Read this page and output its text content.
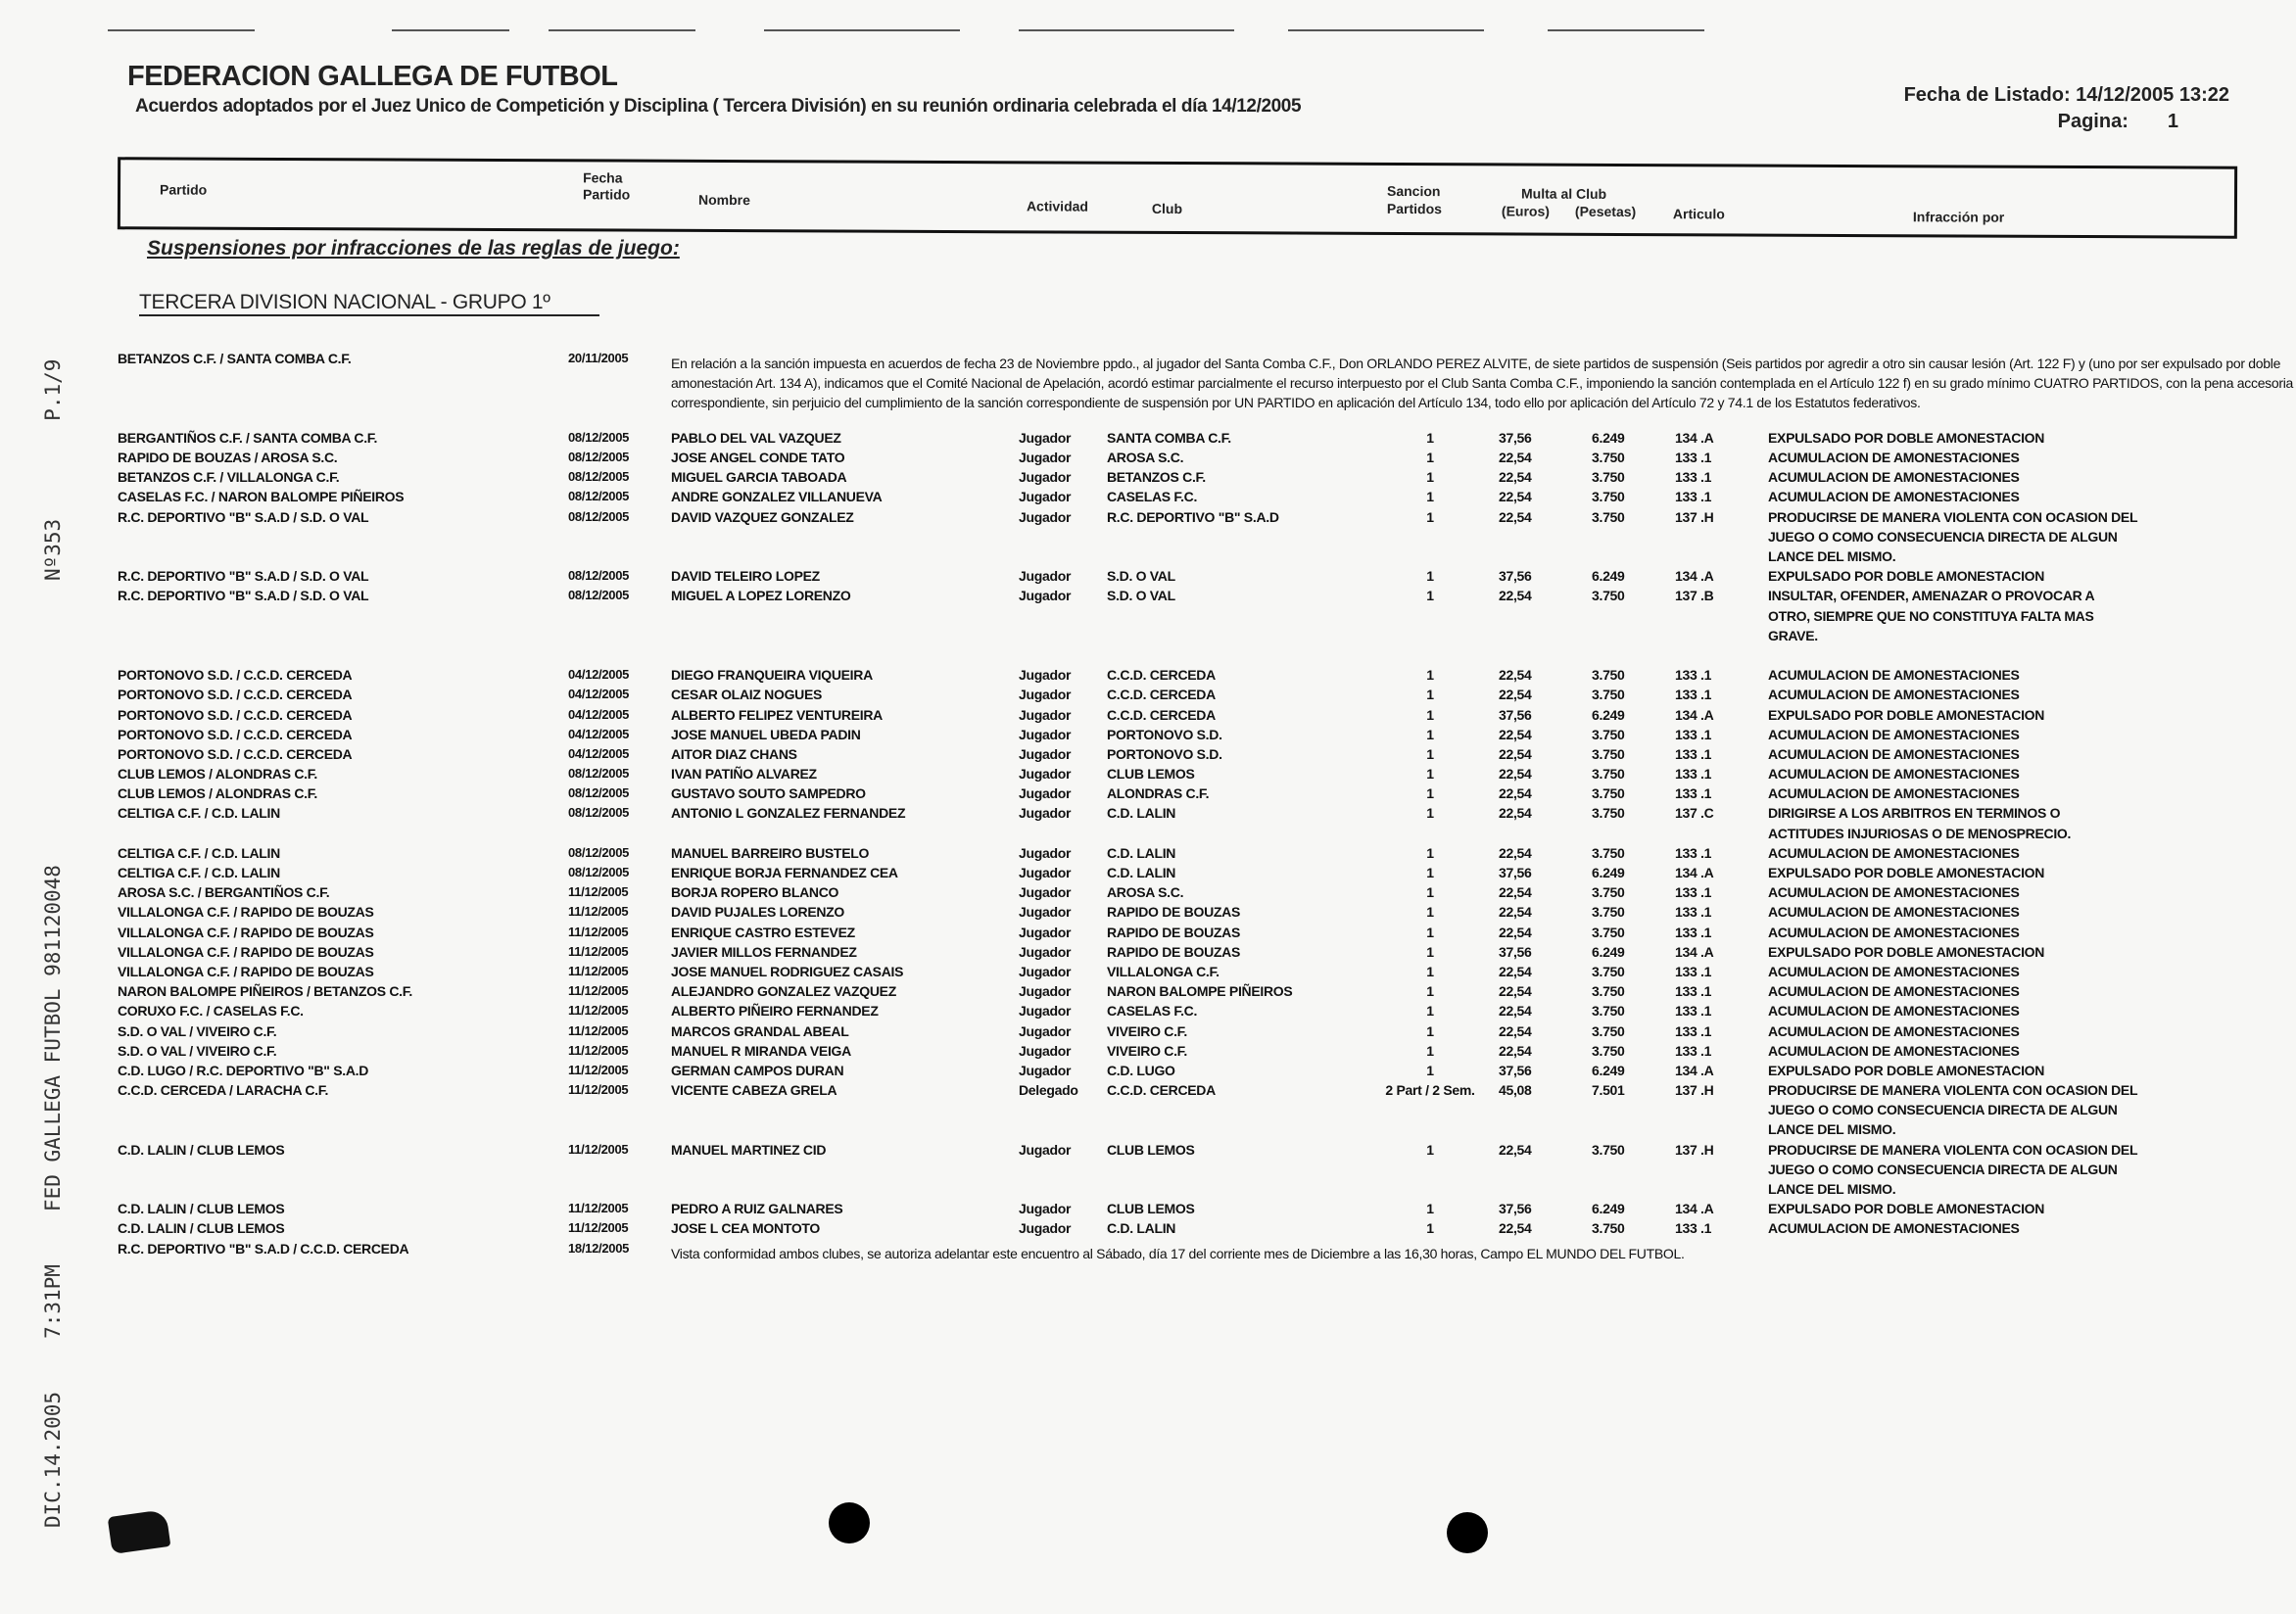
DIC.14.20057:31PMFED GALLEGA FUTBOL 981120048Nº353P.1/9
FEDERACION GALLEGA DE FUTBOL
Acuerdos adoptados por el Juez Unico de Competición y Disciplina ( Tercera División) en su reunión ordinaria celebrada el día 14/12/2005
Fecha de Listado: 14/12/2005 13:22
Pagina: 1
Partido
Fecha
Partido	Nombre	Actividad	Club
Sancion
Partidos
Multa al Club
(Euros) (Pesetas)	Articulo	Infracción por
Suspensiones por infracciones de las reglas de juego:
TERCERA DIVISION NACIONAL - GRUPO 1º
BETANZOS C.F. / SANTA COMBA C.F.	20/11/2005	En relación a la sanción impuesta en acuerdos de fecha 23 de Noviembre ppdo., al jugador del Santa Comba C.F., Don ORLANDO PEREZ ALVITE, de siete partidos de suspensión (Seis partidos por agredir a otro sin causar lesión (Art. 122 F) y (uno por ser expulsado por doble amonestación Art. 134 A), indicamos que el Comité Nacional de Apelación, acordó estimar parcialmente el recurso interpuesto por el Club Santa Comba C.F., imponiendo la sanción contemplada en el Artículo 122 f) en su grado mínimo CUATRO PARTIDOS, con la pena accesoria correspondiente, sin perjuicio del cumplimiento de la sanción correspondiente de suspensión por UN PARTIDO en aplicación del Artículo 134, todo ello por aplicación del Artículo 72 y 74.1 de los Estatutos federativos.
BERGANTIÑOS C.F. / SANTA COMBA C.F.	08/12/2005	PABLO DEL VAL VAZQUEZ	Jugador	SANTA COMBA C.F.	1	37,56	6.249	134 .A	EXPULSADO POR DOBLE AMONESTACION
RAPIDO DE BOUZAS / AROSA S.C.	08/12/2005	JOSE ANGEL CONDE TATO	Jugador	AROSA S.C.	1	22,54	3.750	133 .1	ACUMULACION DE AMONESTACIONES
BETANZOS C.F. / VILLALONGA C.F.	08/12/2005	MIGUEL GARCIA TABOADA	Jugador	BETANZOS C.F.	1	22,54	3.750	133 .1	ACUMULACION DE AMONESTACIONES
CASELAS F.C. / NARON BALOMPE PIÑEIROS	08/12/2005	ANDRE GONZALEZ VILLANUEVA	Jugador	CASELAS F.C.	1	22,54	3.750	133 .1	ACUMULACION DE AMONESTACIONES
R.C. DEPORTIVO "B" S.A.D / S.D. O VAL	08/12/2005	DAVID VAZQUEZ GONZALEZ	Jugador	R.C. DEPORTIVO "B" S.A.D	1	22,54	3.750	137 .H	PRODUCIRSE DE MANERA VIOLENTA CON OCASION DEL
JUEGO O COMO CONSECUENCIA DIRECTA DE ALGUN
LANCE DEL MISMO.
R.C. DEPORTIVO "B" S.A.D / S.D. O VAL	08/12/2005	DAVID TELEIRO LOPEZ	Jugador	S.D. O VAL	1	37,56	6.249	134 .A	EXPULSADO POR DOBLE AMONESTACION
R.C. DEPORTIVO "B" S.A.D / S.D. O VAL	08/12/2005	MIGUEL A LOPEZ LORENZO	Jugador	S.D. O VAL	1	22,54	3.750	137 .B	INSULTAR, OFENDER, AMENAZAR O PROVOCAR A
OTRO, SIEMPRE QUE NO CONSTITUYA FALTA MAS
GRAVE.
PORTONOVO S.D. / C.C.D. CERCEDA	04/12/2005	DIEGO FRANQUEIRA VIQUEIRA	Jugador	C.C.D. CERCEDA	1	22,54	3.750	133 .1	ACUMULACION DE AMONESTACIONES
PORTONOVO S.D. / C.C.D. CERCEDA	04/12/2005	CESAR OLAIZ NOGUES	Jugador	C.C.D. CERCEDA	1	22,54	3.750	133 .1	ACUMULACION DE AMONESTACIONES
PORTONOVO S.D. / C.C.D. CERCEDA	04/12/2005	ALBERTO FELIPEZ VENTUREIRA	Jugador	C.C.D. CERCEDA	1	37,56	6.249	134 .A	EXPULSADO POR DOBLE AMONESTACION
PORTONOVO S.D. / C.C.D. CERCEDA	04/12/2005	JOSE MANUEL UBEDA PADIN	Jugador	PORTONOVO S.D.	1	22,54	3.750	133 .1	ACUMULACION DE AMONESTACIONES
PORTONOVO S.D. / C.C.D. CERCEDA	04/12/2005	AITOR DIAZ CHANS	Jugador	PORTONOVO S.D.	1	22,54	3.750	133 .1	ACUMULACION DE AMONESTACIONES
CLUB LEMOS / ALONDRAS C.F.	08/12/2005	IVAN PATIÑO ALVAREZ	Jugador	CLUB LEMOS	1	22,54	3.750	133 .1	ACUMULACION DE AMONESTACIONES
CLUB LEMOS / ALONDRAS C.F.	08/12/2005	GUSTAVO SOUTO SAMPEDRO	Jugador	ALONDRAS C.F.	1	22,54	3.750	133 .1	ACUMULACION DE AMONESTACIONES
CELTIGA C.F. / C.D. LALIN	08/12/2005	ANTONIO L GONZALEZ FERNANDEZ	Jugador	C.D. LALIN	1	22,54	3.750	137 .C	DIRIGIRSE A LOS ARBITROS EN TERMINOS O
ACTITUDES INJURIOSAS O DE MENOSPRECIO.
CELTIGA C.F. / C.D. LALIN	08/12/2005	MANUEL BARREIRO BUSTELO	Jugador	C.D. LALIN	1	22,54	3.750	133 .1	ACUMULACION DE AMONESTACIONES
CELTIGA C.F. / C.D. LALIN	08/12/2005	ENRIQUE BORJA FERNANDEZ CEA	Jugador	C.D. LALIN	1	37,56	6.249	134 .A	EXPULSADO POR DOBLE AMONESTACION
AROSA S.C. / BERGANTIÑOS C.F.	11/12/2005	BORJA ROPERO BLANCO	Jugador	AROSA S.C.	1	22,54	3.750	133 .1	ACUMULACION DE AMONESTACIONES
VILLALONGA C.F. / RAPIDO DE BOUZAS	11/12/2005	DAVID PUJALES LORENZO	Jugador	RAPIDO DE BOUZAS	1	22,54	3.750	133 .1	ACUMULACION DE AMONESTACIONES
VILLALONGA C.F. / RAPIDO DE BOUZAS	11/12/2005	ENRIQUE CASTRO ESTEVEZ	Jugador	RAPIDO DE BOUZAS	1	22,54	3.750	133 .1	ACUMULACION DE AMONESTACIONES
VILLALONGA C.F. / RAPIDO DE BOUZAS	11/12/2005	JAVIER MILLOS FERNANDEZ	Jugador	RAPIDO DE BOUZAS	1	37,56	6.249	134 .A	EXPULSADO POR DOBLE AMONESTACION
VILLALONGA C.F. / RAPIDO DE BOUZAS	11/12/2005	JOSE MANUEL RODRIGUEZ CASAIS	Jugador	VILLALONGA C.F.	1	22,54	3.750	133 .1	ACUMULACION DE AMONESTACIONES
NARON BALOMPE PIÑEIROS / BETANZOS C.F.	11/12/2005	ALEJANDRO GONZALEZ VAZQUEZ	Jugador	NARON BALOMPE PIÑEIROS	1	22,54	3.750	133 .1	ACUMULACION DE AMONESTACIONES
CORUXO F.C. / CASELAS F.C.	11/12/2005	ALBERTO PIÑEIRO FERNANDEZ	Jugador	CASELAS F.C.	1	22,54	3.750	133 .1	ACUMULACION DE AMONESTACIONES
S.D. O VAL / VIVEIRO C.F.	11/12/2005	MARCOS GRANDAL ABEAL	Jugador	VIVEIRO C.F.	1	22,54	3.750	133 .1	ACUMULACION DE AMONESTACIONES
S.D. O VAL / VIVEIRO C.F.	11/12/2005	MANUEL R MIRANDA VEIGA	Jugador	VIVEIRO C.F.	1	22,54	3.750	133 .1	ACUMULACION DE AMONESTACIONES
C.D. LUGO / R.C. DEPORTIVO "B" S.A.D	11/12/2005	GERMAN CAMPOS DURAN	Jugador	C.D. LUGO	1	37,56	6.249	134 .A	EXPULSADO POR DOBLE AMONESTACION
C.C.D. CERCEDA / LARACHA C.F.	11/12/2005	VICENTE CABEZA GRELA	Delegado C.C.D. CERCEDA	2 Part / 2 Sem.	45,08	7.501	137 .H	PRODUCIRSE DE MANERA VIOLENTA CON OCASION DEL
JUEGO O COMO CONSECUENCIA DIRECTA DE ALGUN
LANCE DEL MISMO.
C.D. LALIN / CLUB LEMOS	11/12/2005	MANUEL MARTINEZ CID	Jugador	CLUB LEMOS	1	22,54	3.750	137 .H	PRODUCIRSE DE MANERA VIOLENTA CON OCASION DEL
JUEGO O COMO CONSECUENCIA DIRECTA DE ALGUN
LANCE DEL MISMO.
C.D. LALIN / CLUB LEMOS	11/12/2005	PEDRO A RUIZ GALNARES	Jugador	CLUB LEMOS	1	37,56	6.249	134 .A	EXPULSADO POR DOBLE AMONESTACION
C.D. LALIN / CLUB LEMOS	11/12/2005	JOSE L CEA MONTOTO	Jugador	C.D. LALIN	1	22,54	3.750	133 .1	ACUMULACION DE AMONESTACIONES
R.C. DEPORTIVO "B" S.A.D / C.C.D. CERCEDA	18/12/2005	Vista conformidad ambos clubes, se autoriza adelantar este encuentro al Sábado, día 17 del corriente mes de Diciembre a las 16,30 horas, Campo EL MUNDO DEL FUTBOL.
